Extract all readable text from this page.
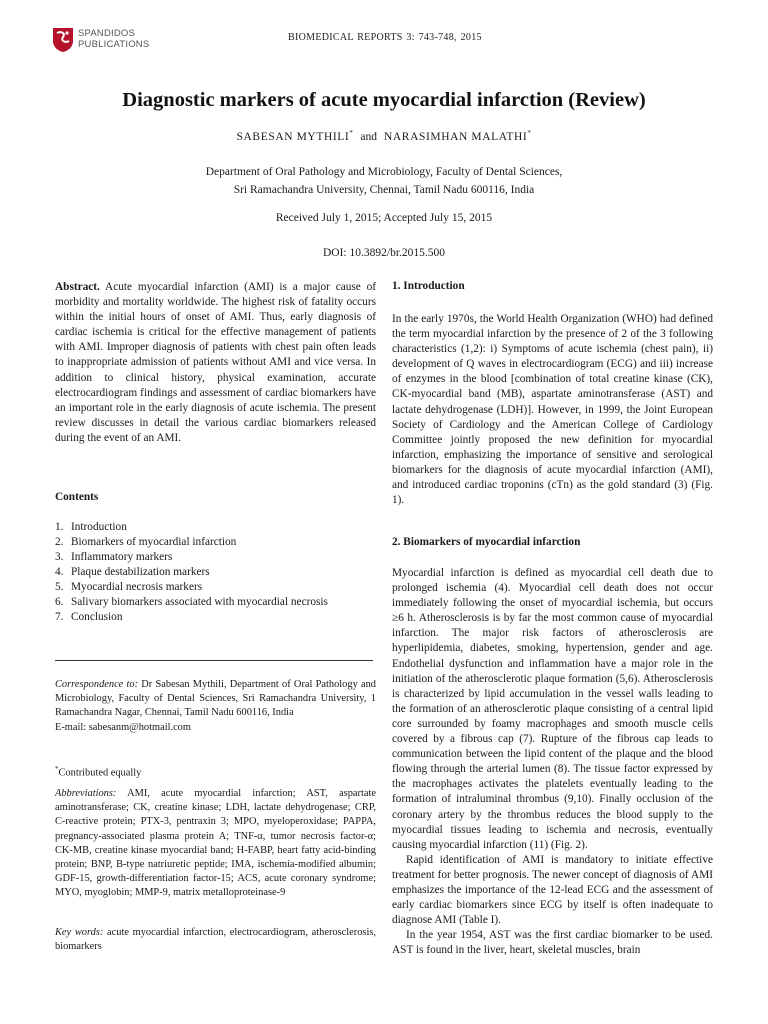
SPANDIDOS
PUBLICATIONS
BIOMEDICAL REPORTS 3: 743-748, 2015
Diagnostic markers of acute myocardial infarction (Review)
SABESAN MYTHILI* and NARASIMHAN MALATHI*
Department of Oral Pathology and Microbiology, Faculty of Dental Sciences,
Sri Ramachandra University, Chennai, Tamil Nadu 600116, India
Received July 1, 2015; Accepted July 15, 2015
DOI: 10.3892/br.2015.500

Abstract. Acute myocardial infarction (AMI) is a major cause of morbidity and mortality worldwide. The highest risk of fatality occurs within the initial hours of onset of AMI. Thus, early diagnosis of cardiac ischemia is critical for the effective management of patients with AMI. Improper diagnosis of patients with chest pain often leads to inappropriate admission of patients without AMI and vice versa. In addition to clinical history, physical examination, accurate electrocardiogram findings and assessment of cardiac biomarkers have an important role in the early diagnosis of acute ischemia. The present review discusses in detail the various cardiac biomarkers released during the event of an AMI.

Contents
1. Introduction
2. Biomarkers of myocardial infarction
3. Inflammatory markers
4. Plaque destabilization markers
5. Myocardial necrosis markers
6. Salivary biomarkers associated with myocardial necrosis
7. Conclusion

Correspondence to: Dr Sabesan Mythili, Department of Oral Pathology and Microbiology, Faculty of Dental Sciences, Sri Ramachandra University, 1 Ramachandra Nagar, Chennai, Tamil Nadu 600116, India

E-mail: sabesanm@hotmail.com

*Contributed equally

Abbreviations: AMI, acute myocardial infarction; AST, aspartate aminotransferase; CK, creatine kinase; LDH, lactate dehydrogenase; CRP, C-reactive protein; PTX-3, pentraxin 3; MPO, myeloperoxidase; PAPPA, pregnancy-associated plasma protein A; TNF-α, tumor necrosis factor-α; CK-MB, creatine kinase myocardial band; H-FABP, heart fatty acid-binding protein; BNP, B-type natriuretic peptide; IMA, ischemia-modified albumin; GDF-15, growth-differentiation factor-15; ACS, acute coronary syndrome; MYO, myoglobin; MMP-9, matrix metalloproteinase-9

Key words: acute myocardial infarction, electrocardiogram, atherosclerosis, biomarkers

1. Introduction

In the early 1970s, the World Health Organization (WHO) had defined the term myocardial infarction by the presence of 2 of the 3 following characteristics (1,2): i) Symptoms of acute ischemia (chest pain), ii) development of Q waves in electrocardiogram (ECG) and iii) increase of enzymes in the blood [combination of total creatine kinase (CK), CK-myocardial band (MB), aspartate aminotransferase (AST) and lactate dehydrogenase (LDH)]. However, in 1999, the Joint European Society of Cardiology and the American College of Cardiology Committee jointly proposed the new definition for myocardial infarction, emphasizing the importance of sensitive and serological biomarkers for the diagnosis of acute myocardial infarction (AMI), and introduced cardiac troponins (cTn) as the gold standard (3) (Fig. 1).

2. Biomarkers of myocardial infarction

Myocardial infarction is defined as myocardial cell death due to prolonged ischemia (4). Myocardial cell death does not occur immediately following the onset of myocardial ischemia, but occurs ≥6 h. Atherosclerosis is by far the most common cause of myocardial infarction. The major risk factors of atherosclerosis are hyperlipidemia, diabetes, smoking, hypertension, gender and age. Endothelial dysfunction and inflammation have a major role in the initiation of the atherosclerotic plaque formation (5,6). Atherosclerosis is characterized by lipid accumulation in the vessel walls leading to the formation of an atherosclerotic plaque consisting of a central lipid core surrounded by foamy macrophages and smooth muscle cells covered by a fibrous cap (7). Rupture of the fibrous cap leads to communication between the lipid content of the plaque and the blood flowing through the arterial lumen (8). The tissue factor expressed by the macrophages activates the platelets eventually leading to the formation of intraluminal thrombus (9,10). Finally occlusion of the coronary artery by the thrombus reduces the blood supply to the myocardial tissues leading to ischemia and necrosis, eventually causing myocardial infarction (11) (Fig. 2).

Rapid identification of AMI is mandatory to initiate effective treatment for better prognosis. The newer concept of diagnosis of AMI emphasizes the importance of the 12-lead ECG and the assessment of early cardiac biomarkers since ECG by itself is often inadequate to diagnose AMI (Table I).

In the year 1954, AST was the first cardiac biomarker to be used. AST is found in the liver, heart, skeletal muscles, brain
